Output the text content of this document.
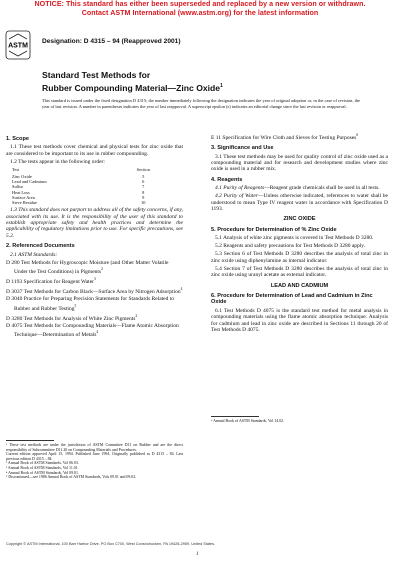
NOTICE: This standard has either been superseded and replaced by a new version or withdrawn.
Contact ASTM International (www.astm.org) for the latest information
ASTM
Designation: D 4315 – 94 (Reapproved 2001)
Standard Test Methods for
Rubber Compounding Material—Zinc Oxide$^1$
This standard is issued under the fixed designation D 4315; the number immediately following the designation indicates the year of original adoption or, in the case of revision, the year of last revision. A number in parentheses indicates the year of last reapproval. A superscript epsilon (ε) indicates an editorial change since the last revision or reapproval.
1. Scope
1.1 These test methods cover chemical and physical tests for zinc oxide that are considered to be important to its use in rubber compounding.
1.2 The tests appear in the following order:
Test	Section
Zinc Oxide	5
Lead and Cadmium	6
Sulfur	7
Heat Loss	8
Surface Area	9
Sieve Residue	10
1.3 This standard does not purport to address all of the safety concerns, if any, associated with its use. It is the responsibility of the user of this standard to establish appropriate safety and health practices and determine the applicability of regulatory limitations prior to use. For specific precautions, see 5.2.
2. Referenced Documents
2.1 ASTM Standards:
D 280 Test Methods for Hygroscopic Moisture (and Other Matter Volatile Under the Test Conditions) in Pigments$^2$
D 1193 Specification for Reagent Water$^3$
D 3037 Test Methods for Carbon Black—Surface Area by Nitrogen Adsorption$^4$
D 3040 Practice for Preparing Precision Statements for Standards Related to Rubber and Rubber Testing$^5$
D 3280 Test Methods for Analysis of White Zinc Pigments$^2$
D 4075 Test Methods for Compounding Materials—Flame Atomic Absorption Technique—Determination of Metals$^4$

¹ These test methods are under the jurisdiction of ASTM Committee D11 on Rubber and are the direct responsibility of Subcommittee D11.20 on Compounding Materials and Procedures.

Current edition approved April 15, 1994. Published June 1994. Originally published as D 4315 – 84. Last previous edition D 4315 – 84.

² Annual Book of ASTM Standards, Vol 06.03.

³ Annual Book of ASTM Standards, Vol 11.01.

⁴ Annual Book of ASTM Standards, Vol 09.01.

⁵ Discontinued—see 1986 Annual Book of ASTM Standards, Vols 09.01 and 09.02.

E 11 Specification for Wire Cloth and Sieves for Testing Purposes$^6$
3. Significance and Use
3.1 These test methods may be used for quality control of zinc oxide used as a compounding material and for research and development studies where zinc oxide is used in a rubber mix.
4. Reagents
4.1 Purity of Reagents—Reagent grade chemicals shall be used in all tests.
4.2 Purity of Water—Unless otherwise indicated, references to water shall be understood to mean Type IV reagent water in accordance with Specification D 1193.
ZINC OXIDE
5. Procedure for Determination of % Zinc Oxide
5.1 Analysis of white zinc pigments is covered in Test Methods D 3280.
5.2 Reagents and safety precautions for Test Methods D 3280 apply.
5.3 Section 6 of Test Methods D 3280 describes the analysis of total zinc in zinc oxide using diphenylamine as internal indicator.
5.4 Section 7 of Test Methods D 3280 describes the analysis of total zinc in zinc oxide using uranyl acetate as external indicator.
LEAD AND CADMIUM
6. Procedure for Determination of Lead and Cadmium in Zinc Oxide
6.1 Test Methods D 4075 is the standard test method for metal analysis in compounding materials using the flame atomic absorption technique. Analysis for cadmium and lead in zinc oxide are described in Sections 11 through 20 of Test Methods D 4075.

⁶ Annual Book of ASTM Standards, Vol 14.02.

Copyright © ASTM International, 100 Barr Harbor Drive, PO Box C700, West Conshohocken, PA 19428-2959, United States.
1
